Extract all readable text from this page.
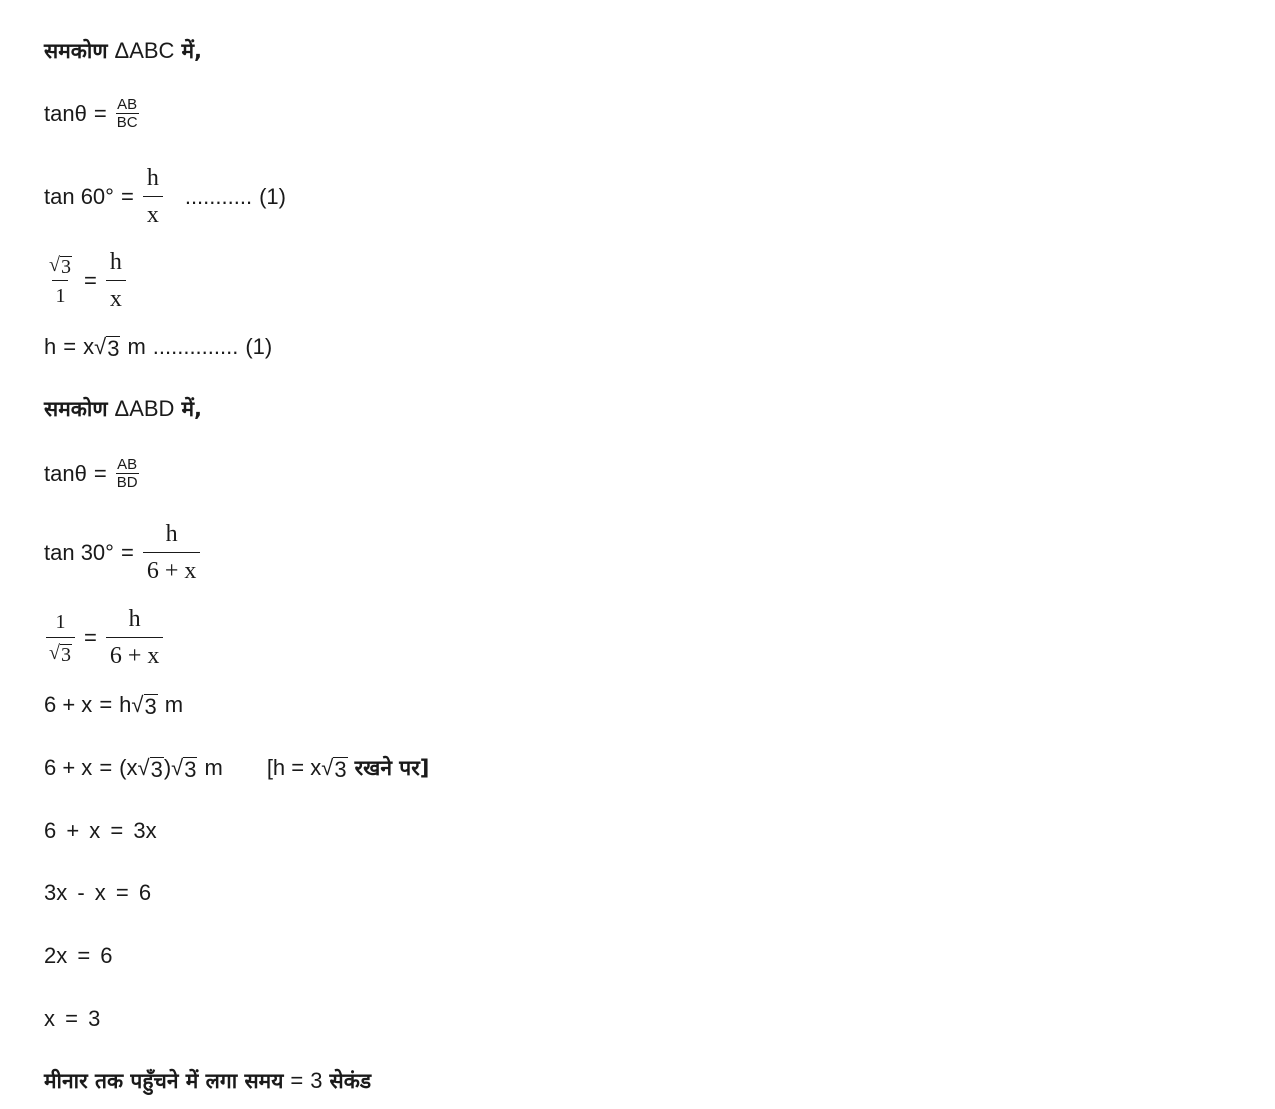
समकोण ΔABC में,
$\tan\theta = \frac{AB}{BC}$
$\tan 60^\circ = \frac{h}{x}$ ........... (1)
$\frac{√ 3}{1} = \frac{h}{x}$
h = x √ 3 m .............. (1)
समकोण ΔABD में,
$\tan\theta = \frac{AB}{BD}$
$\tan 30^\circ = \frac{h}{6 + x}$
$\frac{1}{√ 3} = \frac{h}{6 + x}$
6 + x = h √ 3 m
6 + x = (x √ 3 ) √ 3 m [h = x √ 3 रखने पर]
6 + x = 3x
3x - x = 6
2x = 6
x = 3
मीनार तक पहुँचने में लगा समय = 3 सेकंड
